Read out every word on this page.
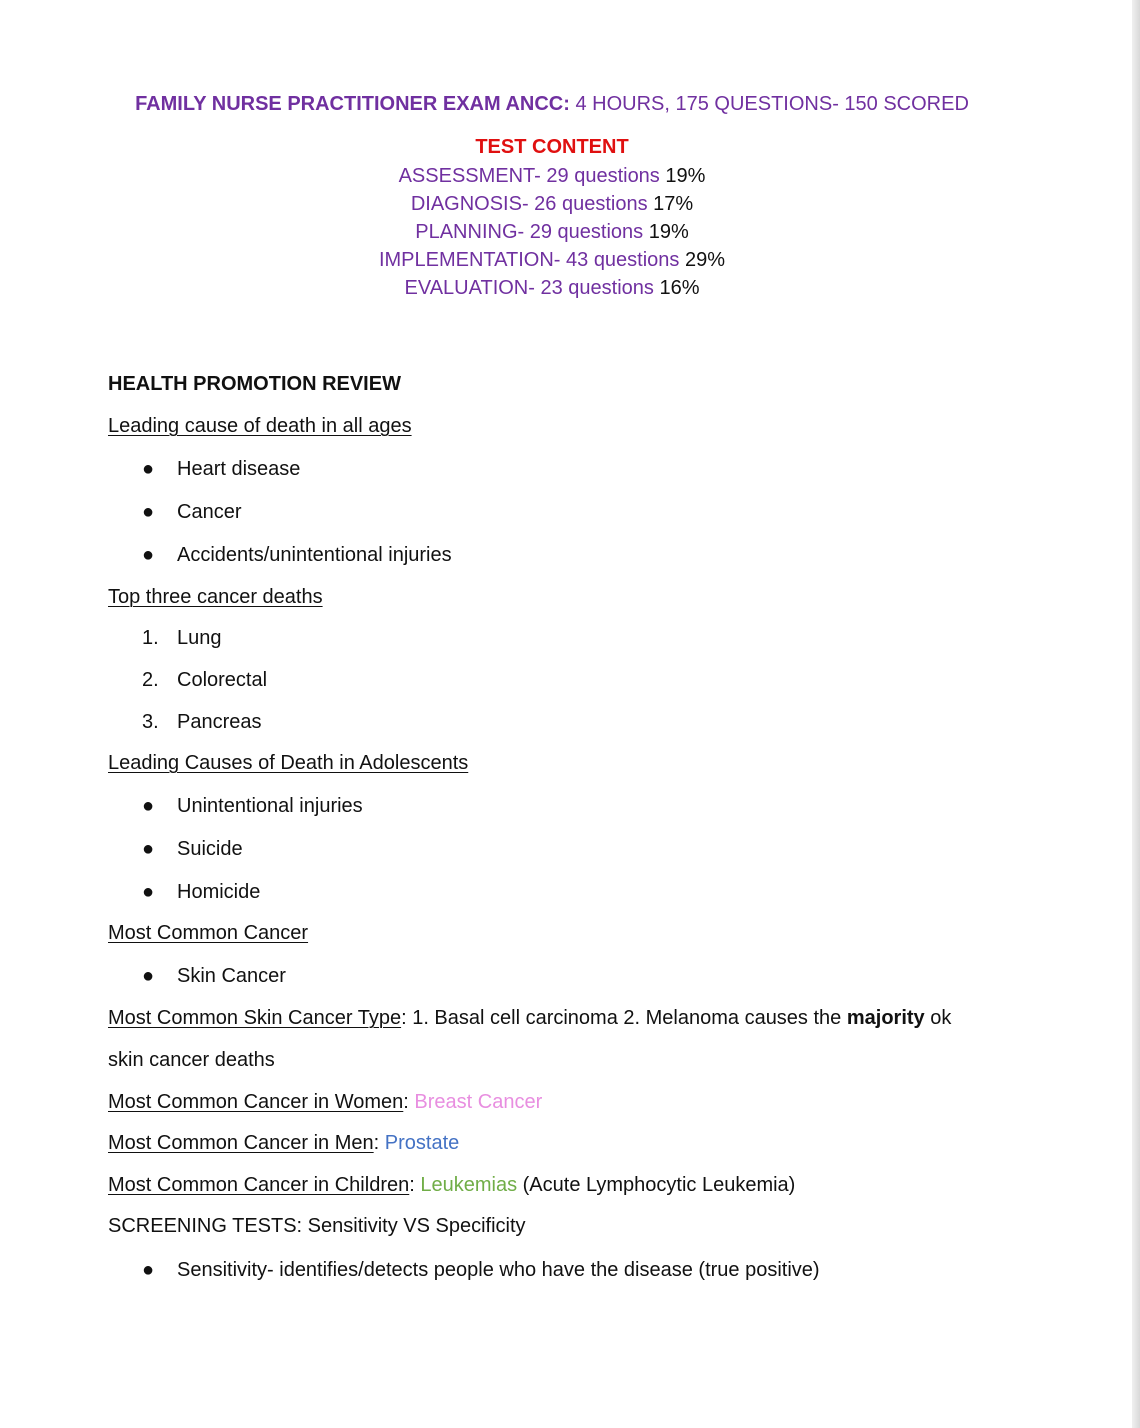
FAMILY NURSE PRACTITIONER EXAM ANCC: 4 HOURS, 175 QUESTIONS- 150 SCORED
TEST CONTENT
ASSESSMENT- 29 questions 19%
DIAGNOSIS- 26 questions 17%
PLANNING- 29 questions 19%
IMPLEMENTATION- 43 questions 29%
EVALUATION- 23 questions 16%
HEALTH PROMOTION REVIEW
Leading cause of death in all ages
● Heart disease
● Cancer
● Accidents/unintentional injuries
Top three cancer deaths
1. Lung
2. Colorectal
3. Pancreas
Leading Causes of Death in Adolescents
● Unintentional injuries
● Suicide
● Homicide
Most Common Cancer
● Skin Cancer
Most Common Skin Cancer Type: 1. Basal cell carcinoma 2. Melanoma causes the majority ok
skin cancer deaths
Most Common Cancer in Women: Breast Cancer
Most Common Cancer in Men: Prostate
Most Common Cancer in Children: Leukemias (Acute Lymphocytic Leukemia)
SCREENING TESTS: Sensitivity VS Specificity
● Sensitivity- identifies/detects people who have the disease (true positive)
